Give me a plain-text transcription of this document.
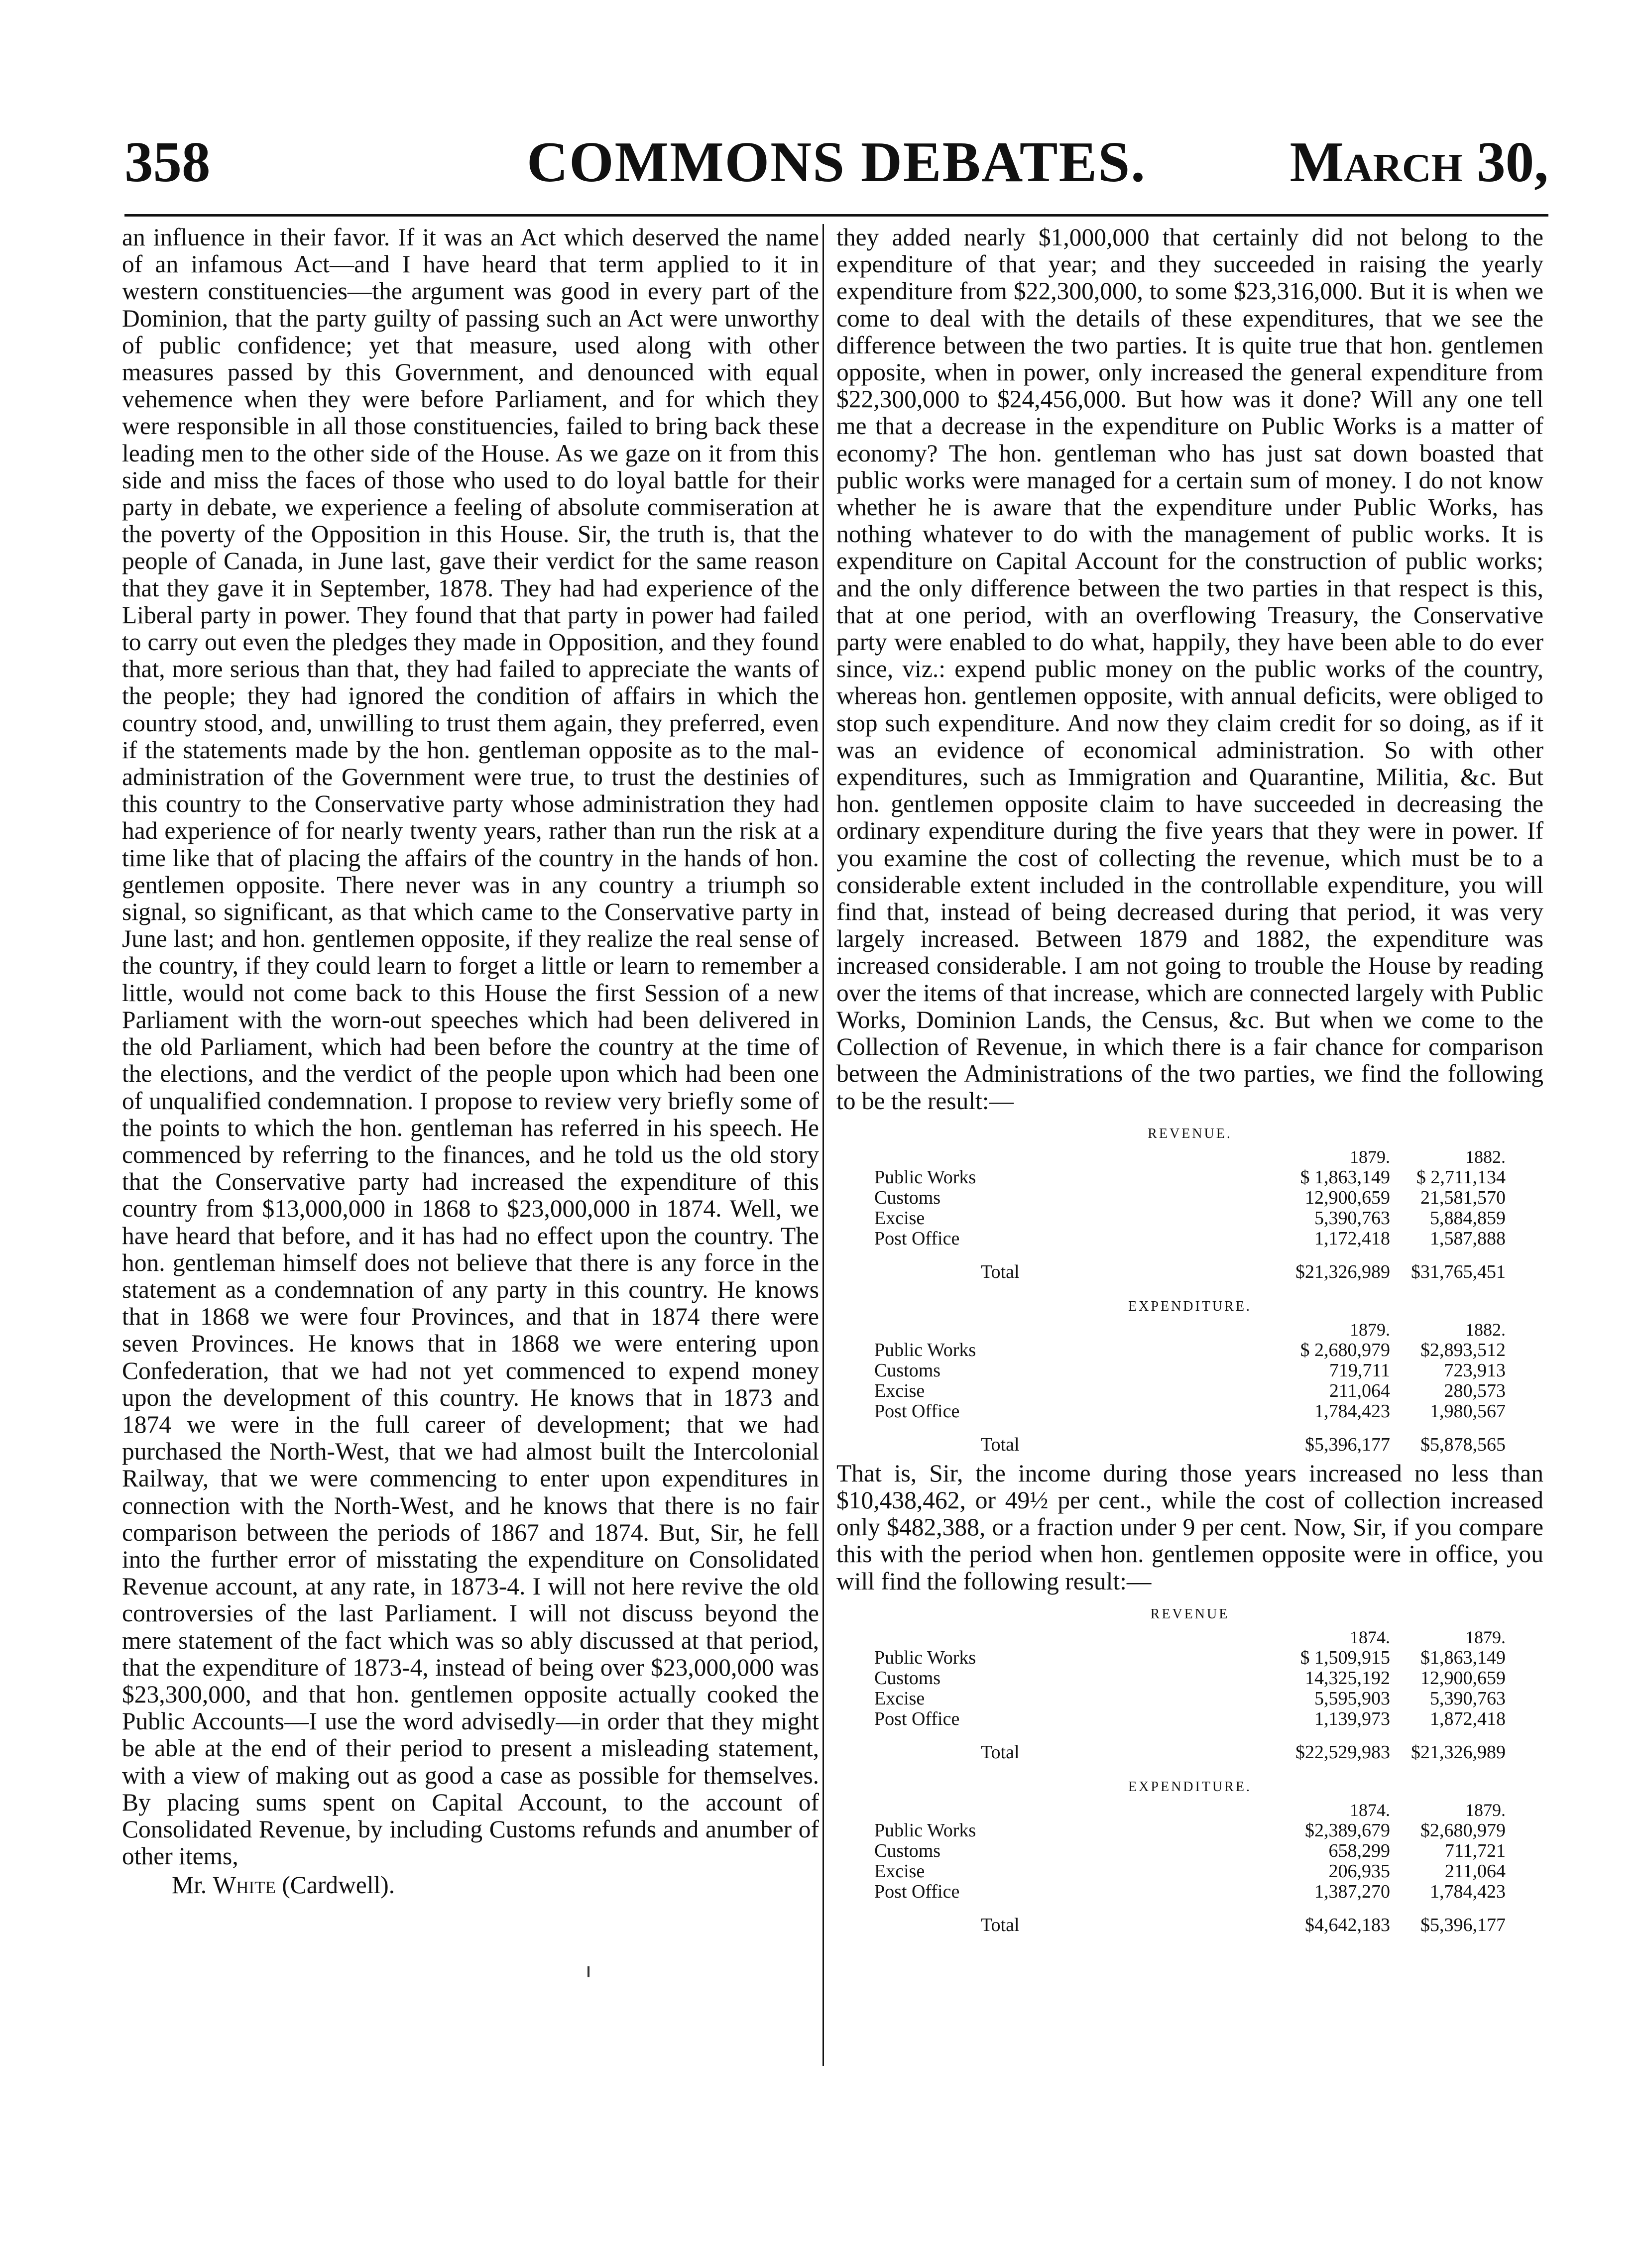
358	COMMONS DEBATES.	March 30,

an influence in their favor. If it was an Act which deserved the name of an infamous Act—and I have heard that term applied to it in western constituencies—the argument was good in every part of the Dominion, that the party guilty of passing such an Act were unworthy of public confidence; yet that measure, used along with other measures passed by this Government, and denounced with equal vehemence when they were before Parliament, and for which they were responsible in all those constituencies, failed to bring back these leading men to the other side of the House. As we gaze on it from this side and miss the faces of those who used to do loyal battle for their party in debate, we experience a feeling of absolute commiseration at the poverty of the Opposition in this House. Sir, the truth is, that the people of Canada, in June last, gave their verdict for the same reason that they gave it in September, 1878. They had had experience of the Liberal party in power. They found that that party in power had failed to carry out even the pledges they made in Opposition, and they found that, more serious than that, they had failed to appreciate the wants of the people; they had ignored the condition of affairs in which the country stood, and, unwilling to trust them again, they preferred, even if the statements made by the hon. gentleman opposite as to the mal-administration of the Government were true, to trust the destinies of this country to the Conservative party whose administration they had had experience of for nearly twenty years, rather than run the risk at a time like that of placing the affairs of the country in the hands of hon. gentlemen opposite. There never was in any country a triumph so signal, so significant, as that which came to the Conservative party in June last; and hon. gentlemen opposite, if they realize the real sense of the country, if they could learn to forget a little or learn to remember a little, would not come back to this House the first Session of a new Parliament with the worn-out speeches which had been delivered in the old Parliament, which had been before the country at the time of the elections, and the verdict of the people upon which had been one of unqualified condemnation. I propose to review very briefly some of the points to which the hon. gentleman has referred in his speech. He commenced by referring to the finances, and he told us the old story that the Conservative party had increased the expenditure of this country from $13,000,000 in 1868 to $23,000,000 in 1874. Well, we have heard that before, and it has had no effect upon the country. The hon. gentleman himself does not believe that there is any force in the statement as a condemnation of any party in this country. He knows that in 1868 we were four Provinces, and that in 1874 there were seven Provinces. He knows that in 1868 we were entering upon Confederation, that we had not yet commenced to expend money upon the development of this country. He knows that in 1873 and 1874 we were in the full career of development; that we had purchased the North-West, that we had almost built the Intercolonial Railway, that we were commencing to enter upon expenditures in connection with the North-West, and he knows that there is no fair comparison between the periods of 1867 and 1874. But, Sir, he fell into the further error of misstating the expenditure on Consolidated Revenue account, at any rate, in 1873-4. I will not here revive the old controversies of the last Parliament. I will not discuss beyond the mere statement of the fact which was so ably discussed at that period, that the expenditure of 1873-4, instead of being over $23,000,000 was $23,300,000, and that hon. gentlemen opposite actually cooked the Public Accounts—I use the word advisedly—in order that they might be able at the end of their period to present a misleading statement, with a view of making out as good a case as possible for themselves. By placing sums spent on Capital Account, to the account of Consolidated Revenue, by including Customs refunds and anumber of other items,

Mr. White (Cardwell).

they added nearly $1,000,000 that certainly did not belong to the expenditure of that year; and they succeeded in raising the yearly expenditure from $22,300,000, to some $23,316,000. But it is when we come to deal with the details of these expenditures, that we see the difference between the two parties. It is quite true that hon. gentlemen opposite, when in power, only increased the general expenditure from $22,300,000 to $24,456,000. But how was it done? Will any one tell me that a decrease in the expenditure on Public Works is a matter of economy? The hon. gentleman who has just sat down boasted that public works were managed for a certain sum of money. I do not know whether he is aware that the expenditure under Public Works, has nothing whatever to do with the management of public works. It is expenditure on Capital Account for the construction of public works; and the only difference between the two parties in that respect is this, that at one period, with an overflowing Treasury, the Conservative party were enabled to do what, happily, they have been able to do ever since, viz.: expend public money on the public works of the country, whereas hon. gentlemen opposite, with annual deficits, were obliged to stop such expenditure. And now they claim credit for so doing, as if it was an evidence of economical administration. So with other expenditures, such as Immigration and Quarantine, Militia, &c. But hon. gentlemen opposite claim to have succeeded in decreasing the ordinary expenditure during the five years that they were in power. If you examine the cost of collecting the revenue, which must be to a considerable extent included in the controllable expenditure, you will find that, instead of being decreased during that period, it was very largely increased. Between 1879 and 1882, the expenditure was increased considerable. I am not going to trouble the House by reading over the items of that increase, which are connected largely with Public Works, Dominion Lands, the Census, &c. But when we come to the Collection of Revenue, in which there is a fair chance for comparison between the Administrations of the two parties, we find the following to be the result:—

REVENUE.		
	1879.	1882.
Public Works	$ 1,863,149	$ 2,711,134
Customs	12,900,659	21,581,570
Excise	5,390,763	5,884,859
Post Office	1,172,418	1,587,888
Total	$21,326,989	$31,765,451
EXPENDITURE.		
	1879.	1882.
Public Works	$ 2,680,979	$2,893,512
Customs	719,711	723,913
Excise	211,064	280,573
Post Office	1,784,423	1,980,567
Total	$5,396,177	$5,878,565

That is, Sir, the income during those years increased no less than $10,438,462, or 49½ per cent., while the cost of collection increased only $482,388, or a fraction under 9 per cent. Now, Sir, if you compare this with the period when hon. gentlemen opposite were in office, you will find the following result:—

REVENUE		
	1874.	1879.
Public Works	$ 1,509,915	$1,863,149
Customs	14,325,192	12,900,659
Excise	5,595,903	5,390,763
Post Office	1,139,973	1,872,418
Total	$22,529,983	$21,326,989
EXPENDITURE.		
	1874.	1879.
Public Works	$2,389,679	$2,680,979
Customs	658,299	711,721
Excise	206,935	211,064
Post Office	1,387,270	1,784,423
Total	$4,642,183	$5,396,177
